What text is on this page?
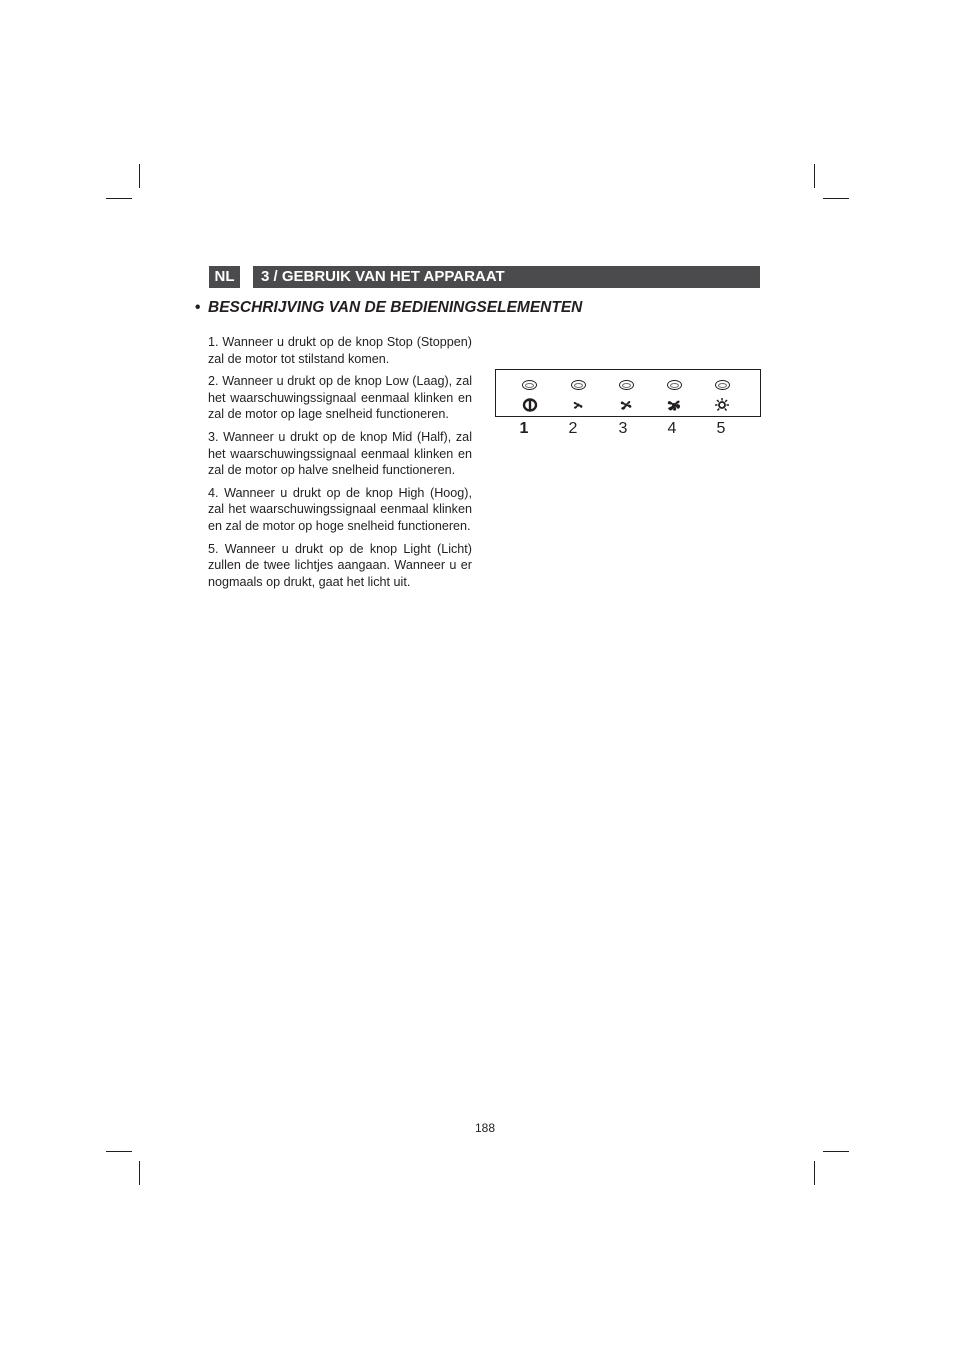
NL	3 / GEBRUIK VAN HET APPARAAT
• BESCHRIJVING VAN DE BEDIENINGSELEMENTEN

1. Wanneer u drukt op de knop Stop (Stoppen) zal de motor tot stilstand komen.

2. Wanneer u drukt op de knop Low (Laag), zal het waarschuwingssignaal eenmaal klinken en zal de motor op lage snelheid functioneren.

3. Wanneer u drukt op de knop Mid (Half), zal het waarschuwingssignaal eenmaal klinken en zal de motor op halve snelheid functioneren.

4. Wanneer u drukt op de knop High (Hoog), zal het waarschuwingssignaal eenmaal klinken en zal de motor op hoge snelheid functioneren.

5. Wanneer u drukt op de knop Light (Licht) zullen de twee lichtjes aangaan. Wanneer u er nogmaals op drukt, gaat het licht uit.

1	2	3	4	5
188
